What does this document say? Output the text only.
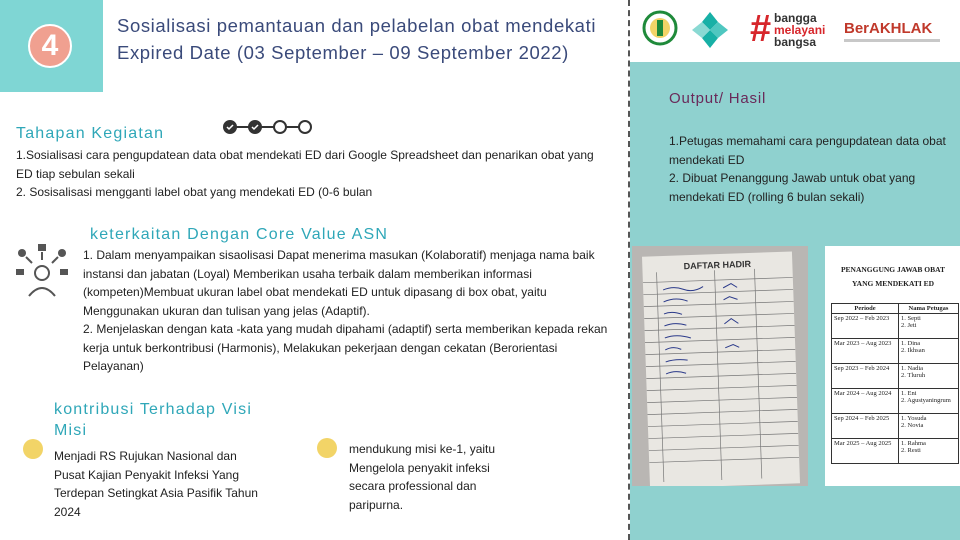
4
Sosialisasi pemantauan dan pelabelan obat mendekati Expired Date (03 September – 09 September 2022)
Tahapan Kegiatan
1.Sosialisasi cara pengupdatean data obat mendekati ED dari Google Spreadsheet dan penarikan obat yang ED tiap sebulan sekali
2. Sosisalisasi mengganti label obat yang mendekati ED (0-6 bulan
keterkaitan Dengan Core Value ASN
1. Dalam menyampaikan sisaolisasi Dapat menerima masukan (Kolaboratif) menjaga nama baik instansi dan jabatan (Loyal) Memberikan usaha terbaik dalam memberikan informasi (kompeten)Membuat ukuran label obat mendekati ED untuk dipasang di box obat, yaitu Menggunakan ukuran dan tulisan yang jelas (Adaptif).
2. Menjelaskan dengan kata -kata yang mudah dipahami (adaptif) serta memberikan kepada rekan kerja untuk berkontribusi (Harmonis), Melakukan pekerjaan dengan cekatan (Berorientasi Pelayanan)
kontribusi Terhadap Visi Misi
Menjadi RS Rujukan Nasional dan Pusat Kajian Penyakit Infeksi Yang Terdepan Setingkat Asia Pasifik Tahun 2024
mendukung misi ke-1, yaitu Mengelola penyakit infeksi secara professional dan paripurna.
# bangga
melayani
bangsa
BerAKHLAK
Output/ Hasil
1.Petugas memahami cara pengupdatean data obat mendekati ED
2. Dibuat Penanggung Jawab untuk obat yang mendekati ED (rolling 6 bulan sekali)
DAFTAR HADIR	PENANGGUNG JAWAB OBAT YANG MENDEKATI ED
Periode	Nama Petugas
Sep 2022 – Feb 2023	1. Septi
2. Jeti

Mar 2023 – Aug 2023	1. Dina
2. Ikhsan

Sep 2023 – Feb 2024	1. Nadia
2. Tluruh

Mar 2024 – Aug 2024	1. Eni
2. Agustyaningrum

Sep 2024 – Feb 2025	1. Yosuda
2. Novia

Mar 2025 – Aug 2025	1. Rahma
2. Resti
